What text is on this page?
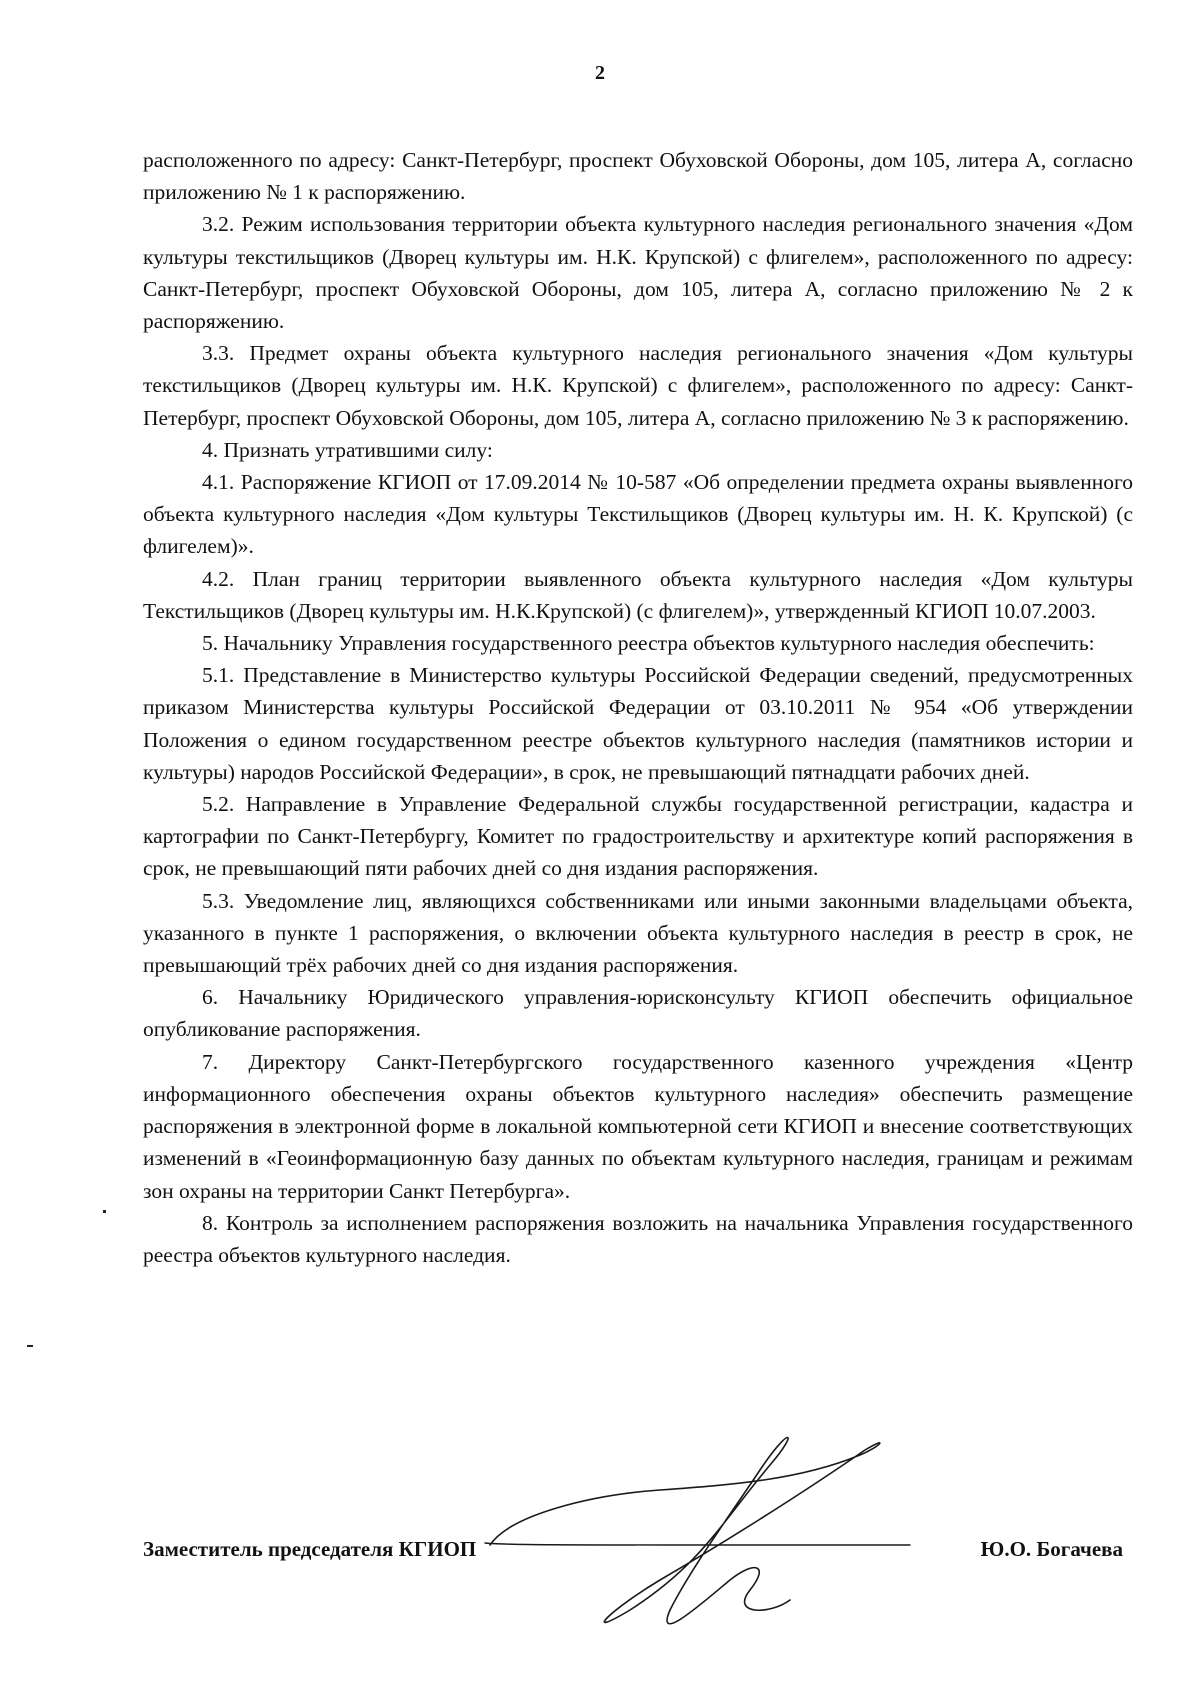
2

расположенного по адресу: Санкт-Петербург, проспект Обуховской Обороны, дом 105, литера А, согласно приложению № 1 к распоряжению.

3.2. Режим использования территории объекта культурного наследия регионального значения «Дом культуры текстильщиков (Дворец культуры им. Н.К. Крупской) с флигелем», расположенного по адресу: Санкт-Петербург, проспект Обуховской Обороны, дом 105, литера А, согласно приложению № 2 к распоряжению.

3.3. Предмет охраны объекта культурного наследия регионального значения «Дом культуры текстильщиков (Дворец культуры им. Н.К. Крупской) с флигелем», расположенного по адресу: Санкт-Петербург, проспект Обуховской Обороны, дом 105, литера А, согласно приложению № 3 к распоряжению.

4. Признать утратившими силу:

4.1. Распоряжение КГИОП от 17.09.2014 № 10-587 «Об определении предмета охраны выявленного объекта культурного наследия «Дом культуры Текстильщиков (Дворец культуры им. Н. К. Крупской) (с флигелем)».

4.2. План границ территории выявленного объекта культурного наследия «Дом культуры Текстильщиков (Дворец культуры им. Н.К.Крупской) (с флигелем)», утвержденный КГИОП 10.07.2003.

5. Начальнику Управления государственного реестра объектов культурного наследия обеспечить:

5.1. Представление в Министерство культуры Российской Федерации сведений, предусмотренных приказом Министерства культуры Российской Федерации от 03.10.2011 № 954 «Об утверждении Положения о едином государственном реестре объектов культурного наследия (памятников истории и культуры) народов Российской Федерации», в срок, не превышающий пятнадцати рабочих дней.

5.2. Направление в Управление Федеральной службы государственной регистрации, кадастра и картографии по Санкт-Петербургу, Комитет по градостроительству и архитектуре копий распоряжения в срок, не превышающий пяти рабочих дней со дня издания распоряжения.

5.3. Уведомление лиц, являющихся собственниками или иными законными владельцами объекта, указанного в пункте 1 распоряжения, о включении объекта культурного наследия в реестр в срок, не превышающий трёх рабочих дней со дня издания распоряжения.

6. Начальнику Юридического управления-юрисконсульту КГИОП обеспечить официальное опубликование распоряжения.

7. Директору Санкт-Петербургского государственного казенного учреждения «Центр информационного обеспечения охраны объектов культурного наследия» обеспечить размещение распоряжения в электронной форме в локальной компьютерной сети КГИОП и внесение соответствующих изменений в «Геоинформационную базу данных по объектам культурного наследия, границам и режимам зон охраны на территории Санкт Петербурга».

8. Контроль за исполнением распоряжения возложить на начальника Управления государственного реестра объектов культурного наследия.

Заместитель председателя КГИОП	Ю.О. Богачева
